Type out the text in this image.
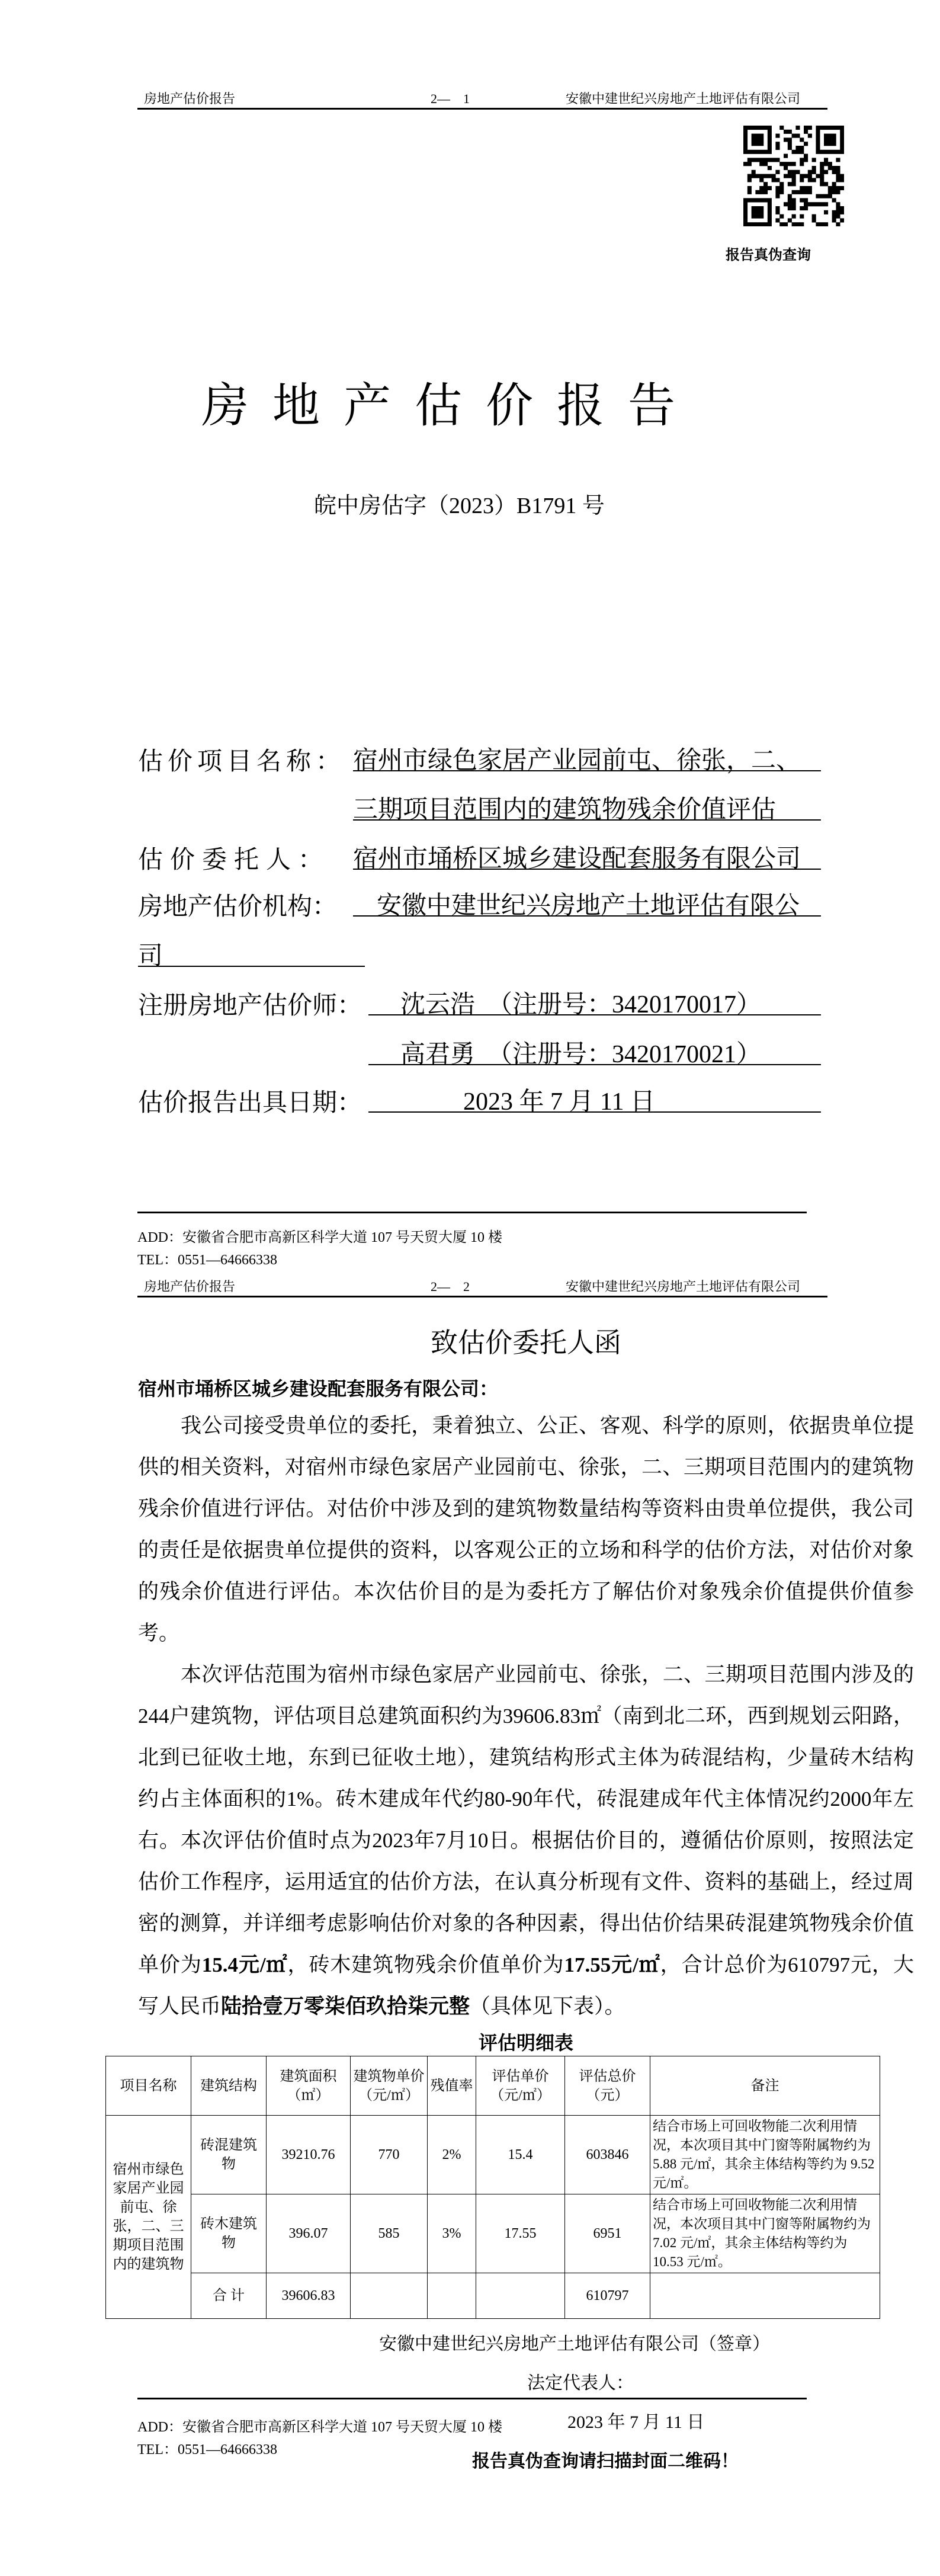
房地产估价报告	2—　1	安徽中建世纪兴房地产土地评估有限公司
报告真伪查询
房地产估价报告
皖中房估字（2023）B1791 号
估价项目名称： 宿州市绿色家居产业园前屯、徐张，二、
三期项目范围内的建筑物残余价值评估
估价委托人： 宿州市埇桥区城乡建设配套服务有限公司
房地产估价机构：	安徽中建世纪兴房地产土地评估有限公
司
注册房地产估价师：	沈云浩　（注册号：3420170017）
高君勇　（注册号：3420170021）
估价报告出具日期：	2023 年 7 月 11 日
ADD：安徽省合肥市高新区科学大道 107 号天贸大厦 10 楼
TEL：0551—64666338
房地产估价报告	2—　2	安徽中建世纪兴房地产土地评估有限公司
致估价委托人函
宿州市埇桥区城乡建设配套服务有限公司：
我公司接受贵单位的委托，秉着独立、公正、客观、科学的原则，依据贵单位提供的相关资料，对宿州市绿色家居产业园前屯、徐张，二、三期项目范围内的建筑物残余价值进行评估。对估价中涉及到的建筑物数量结构等资料由贵单位提供，我公司的责任是依据贵单位提供的资料，以客观公正的立场和科学的估价方法，对估价对象的残余价值进行评估。本次估价目的是为委托方了解估价对象残余价值提供价值参考。
本次评估范围为宿州市绿色家居产业园前屯、徐张，二、三期项目范围内涉及的244户建筑物，评估项目总建筑面积约为39606.83㎡（南到北二环，西到规划云阳路，北到已征收土地，东到已征收土地），建筑结构形式主体为砖混结构，少量砖木结构约占主体面积的1%。砖木建成年代约80-90年代，砖混建成年代主体情况约2000年左右。本次评估价值时点为2023年7月10日。根据估价目的，遵循估价原则，按照法定估价工作程序，运用适宜的估价方法，在认真分析现有文件、资料的基础上，经过周密的测算，并详细考虑影响估价对象的各种因素，得出估价结果砖混建筑物残余价值单价为15.4元/㎡，砖木建筑物残余价值单价为17.55元/㎡，合计总价为610797元，大写人民币陆拾壹万零柒佰玖拾柒元整（具体见下表）。
评估明细表
项目名称	建筑结构	建筑面积（㎡）	建筑物单价（元/㎡）	残值率	评估单价（元/㎡）	评估总价（元）	备注
宿州市绿色家居产业园前屯、徐张，二、三期项目范围内的建筑物	砖混建筑物	39210.76	770	2%	15.4	603846	结合市场上可回收物能二次利用情况，本次项目其中门窗等附属物约为 5.88 元/㎡，其余主体结构等约为 9.52 元/㎡。
	砖木建筑物	396.07	585	3%	17.55	6951	结合市场上可回收物能二次利用情况，本次项目其中门窗等附属物约为 7.02 元/㎡，其余主体结构等约为 10.53 元/㎡。
	合 计	39606.83				610797	
安徽中建世纪兴房地产土地评估有限公司（签章）
法定代表人：
2023 年 7 月 11 日
报告真伪查询请扫描封面二维码！
ADD：安徽省合肥市高新区科学大道 107 号天贸大厦 10 楼
TEL：0551—64666338
